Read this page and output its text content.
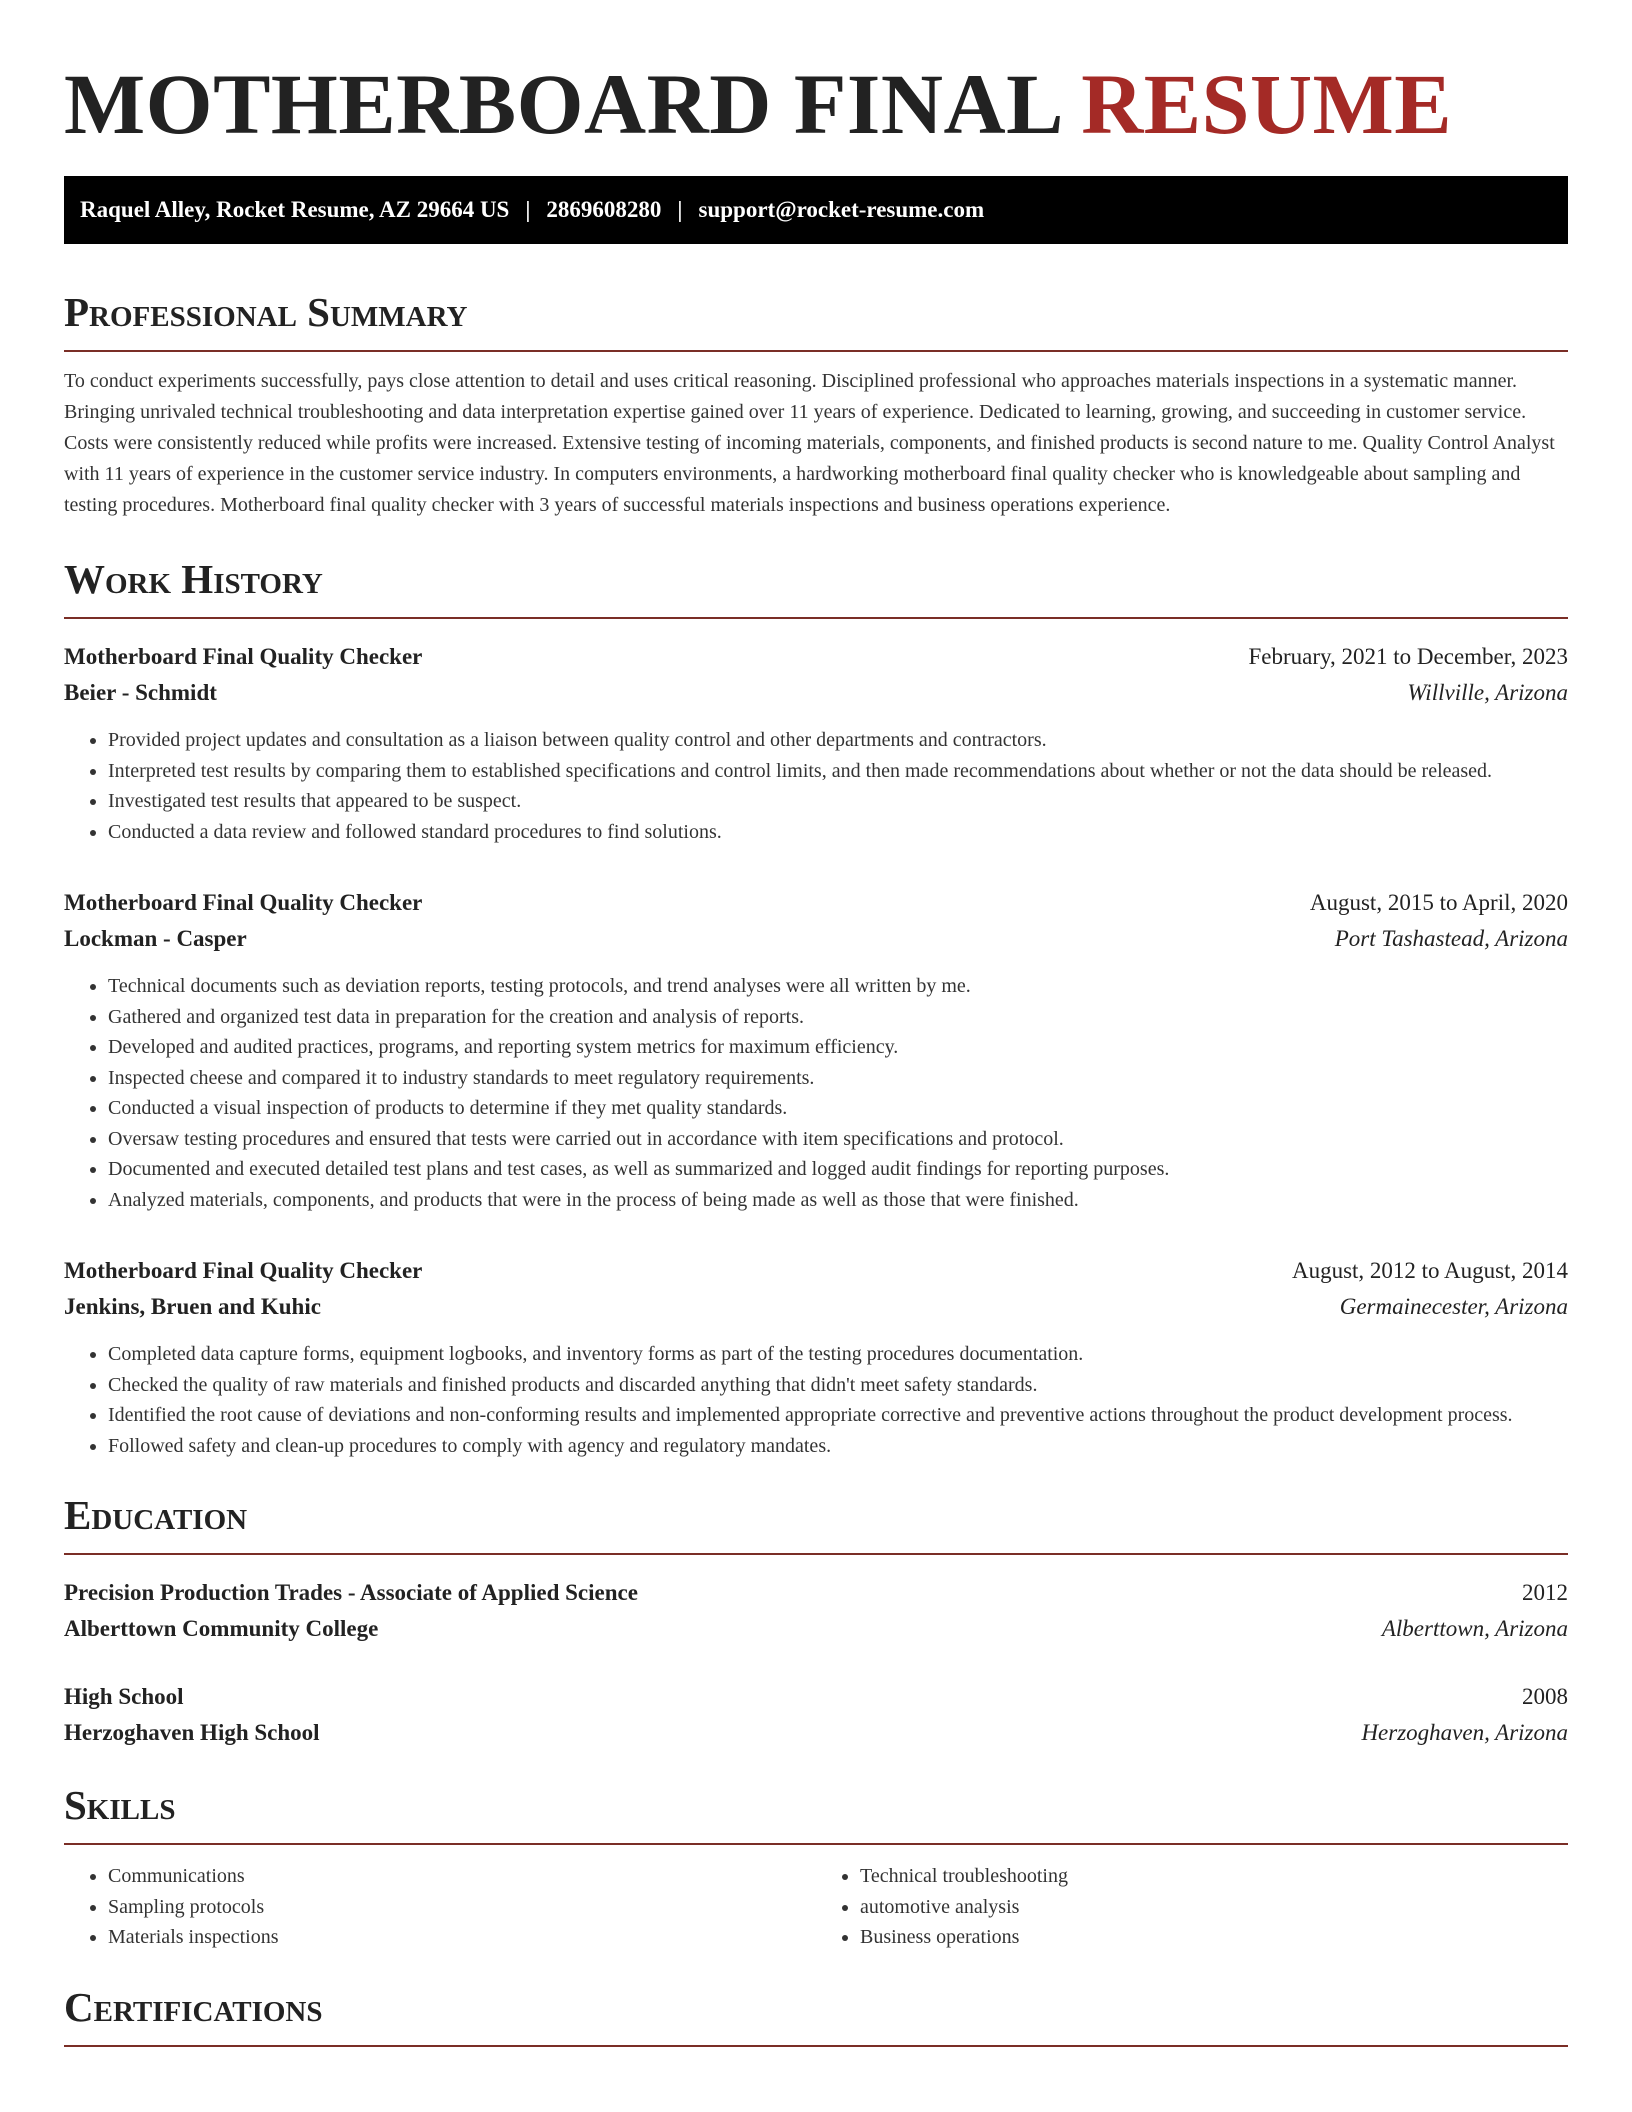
MOTHERBOARD FINAL RESUME
Raquel Alley, Rocket Resume, AZ 29664 US | 2869608280 | support@rocket-resume.com
Professional Summary

To conduct experiments successfully, pays close attention to detail and uses critical reasoning. Disciplined professional who approaches materials inspections in a systematic manner. Bringing unrivaled technical troubleshooting and data interpretation expertise gained over 11 years of experience. Dedicated to learning, growing, and succeeding in customer service. Costs were consistently reduced while profits were increased. Extensive testing of incoming materials, components, and finished products is second nature to me. Quality Control Analyst with 11 years of experience in the customer service industry. In computers environments, a hardworking motherboard final quality checker who is knowledgeable about sampling and testing procedures. Motherboard final quality checker with 3 years of successful materials inspections and business operations experience.

Work History
Motherboard Final Quality Checker	February, 2021 to December, 2023
Beier - Schmidt	Willville, Arizona
• Provided project updates and consultation as a liaison between quality control and other departments and contractors.
• Interpreted test results by comparing them to established specifications and control limits, and then made recommendations about whether or not the data should be released.
• Investigated test results that appeared to be suspect.
• Conducted a data review and followed standard procedures to find solutions.
Motherboard Final Quality Checker	August, 2015 to April, 2020
Lockman - Casper	Port Tashastead, Arizona
• Technical documents such as deviation reports, testing protocols, and trend analyses were all written by me.
• Gathered and organized test data in preparation for the creation and analysis of reports.
• Developed and audited practices, programs, and reporting system metrics for maximum efficiency.
• Inspected cheese and compared it to industry standards to meet regulatory requirements.
• Conducted a visual inspection of products to determine if they met quality standards.
• Oversaw testing procedures and ensured that tests were carried out in accordance with item specifications and protocol.
• Documented and executed detailed test plans and test cases, as well as summarized and logged audit findings for reporting purposes.
• Analyzed materials, components, and products that were in the process of being made as well as those that were finished.
Motherboard Final Quality Checker	August, 2012 to August, 2014
Jenkins, Bruen and Kuhic	Germainecester, Arizona
• Completed data capture forms, equipment logbooks, and inventory forms as part of the testing procedures documentation.
• Checked the quality of raw materials and finished products and discarded anything that didn't meet safety standards.
• Identified the root cause of deviations and non-conforming results and implemented appropriate corrective and preventive actions throughout the product development process.
• Followed safety and clean-up procedures to comply with agency and regulatory mandates.
Education
Precision Production Trades - Associate of Applied Science	2012
Alberttown Community College	Alberttown, Arizona
High School	2008
Herzoghaven High School	Herzoghaven, Arizona
Skills
• Communications
• Sampling protocols
• Materials inspections
• Technical troubleshooting
• automotive analysis
• Business operations
Certifications
